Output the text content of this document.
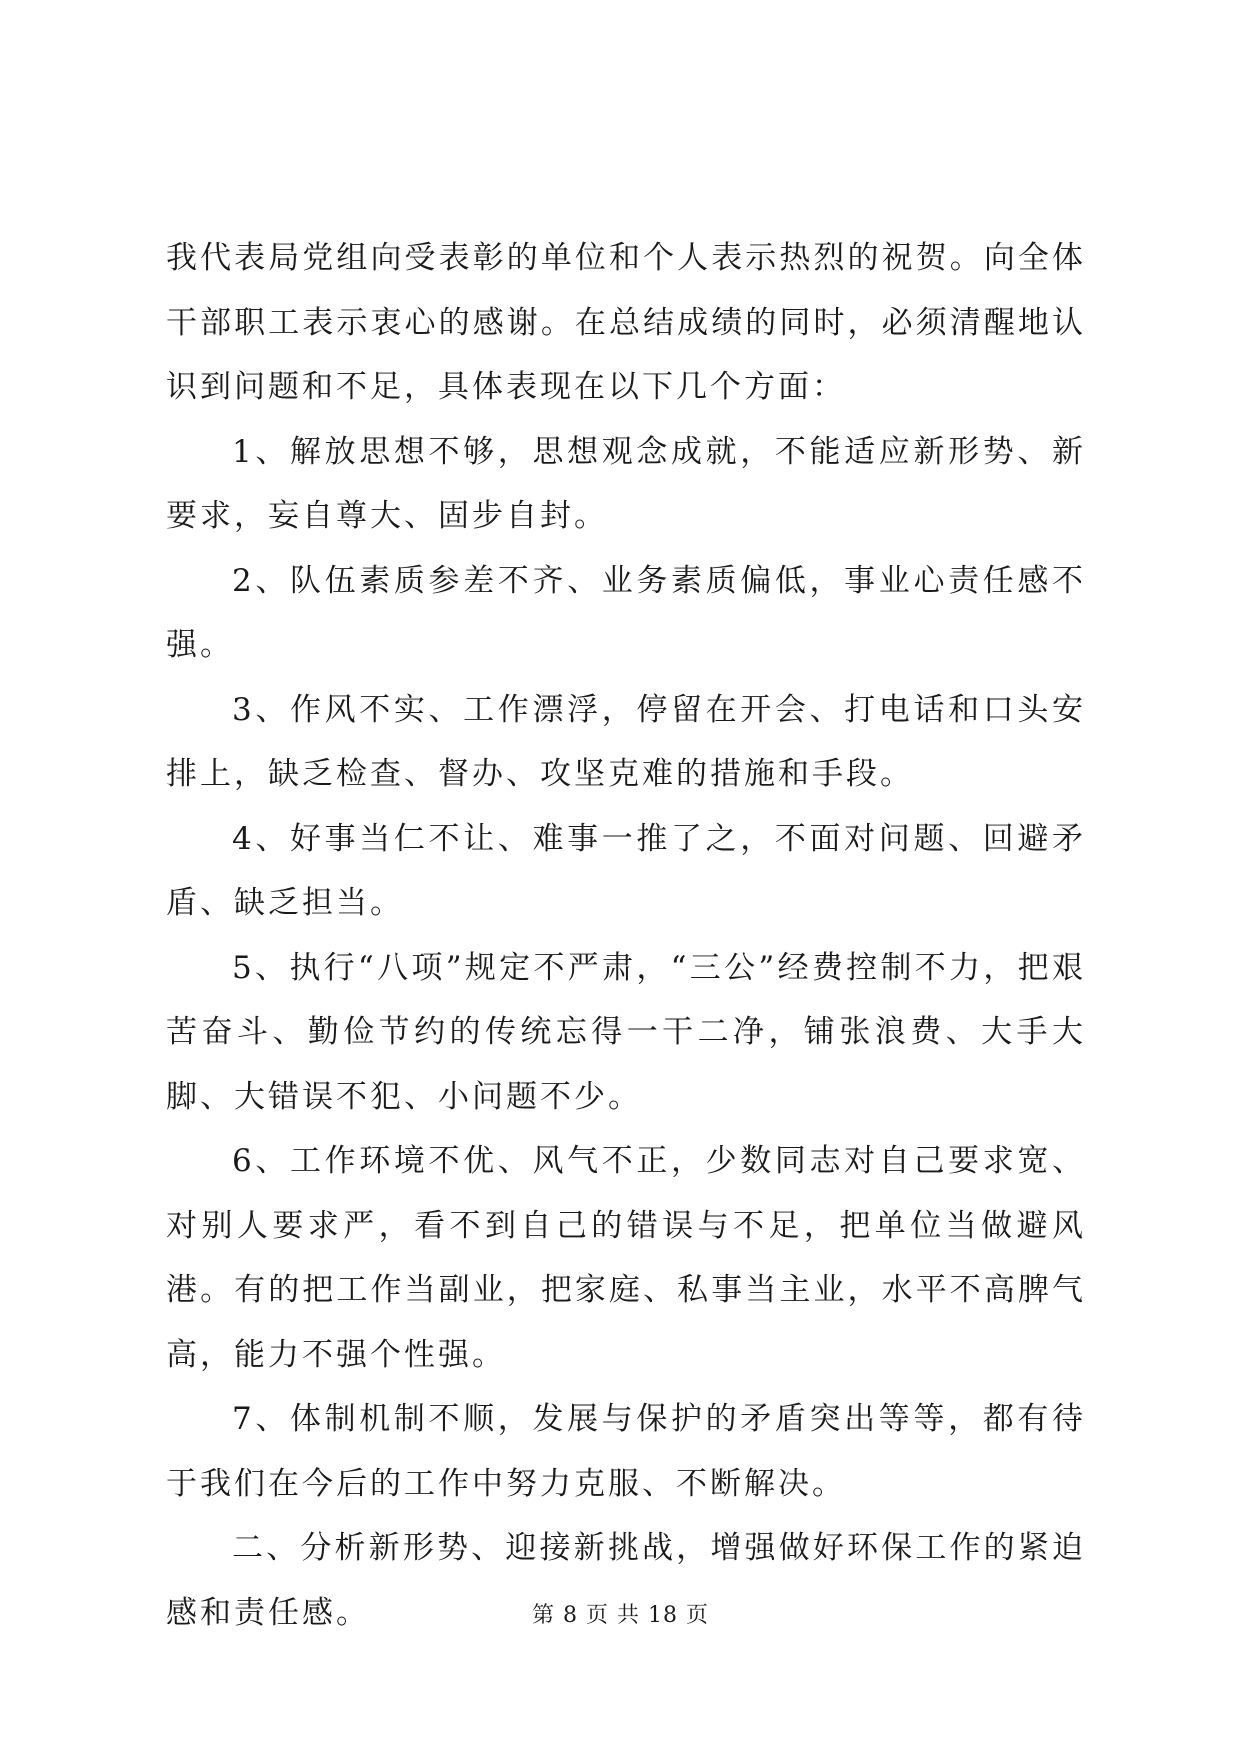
我代表局党组向受表彰的单位和个人表示热烈的祝贺。向全体干部职工表示衷心的感谢。在总结成绩的同时，必须清醒地认识到问题和不足，具体表现在以下几个方面：

1、解放思想不够，思想观念成就，不能适应新形势、新要求，妄自尊大、固步自封。

2、队伍素质参差不齐、业务素质偏低，事业心责任感不强。

3、作风不实、工作漂浮，停留在开会、打电话和口头安排上，缺乏检查、督办、攻坚克难的措施和手段。

4、好事当仁不让、难事一推了之，不面对问题、回避矛盾、缺乏担当。

5、执行“八项”规定不严肃，“三公”经费控制不力，把艰苦奋斗、勤俭节约的传统忘得一干二净，铺张浪费、大手大脚、大错误不犯、小问题不少。

6、工作环境不优、风气不正，少数同志对自己要求宽、对别人要求严，看不到自己的错误与不足，把单位当做避风港。有的把工作当副业，把家庭、私事当主业，水平不高脾气高，能力不强个性强。

7、体制机制不顺，发展与保护的矛盾突出等等，都有待于我们在今后的工作中努力克服、不断解决。

二、分析新形势、迎接新挑战，增强做好环保工作的紧迫感和责任感。	第 8 页 共 18 页
